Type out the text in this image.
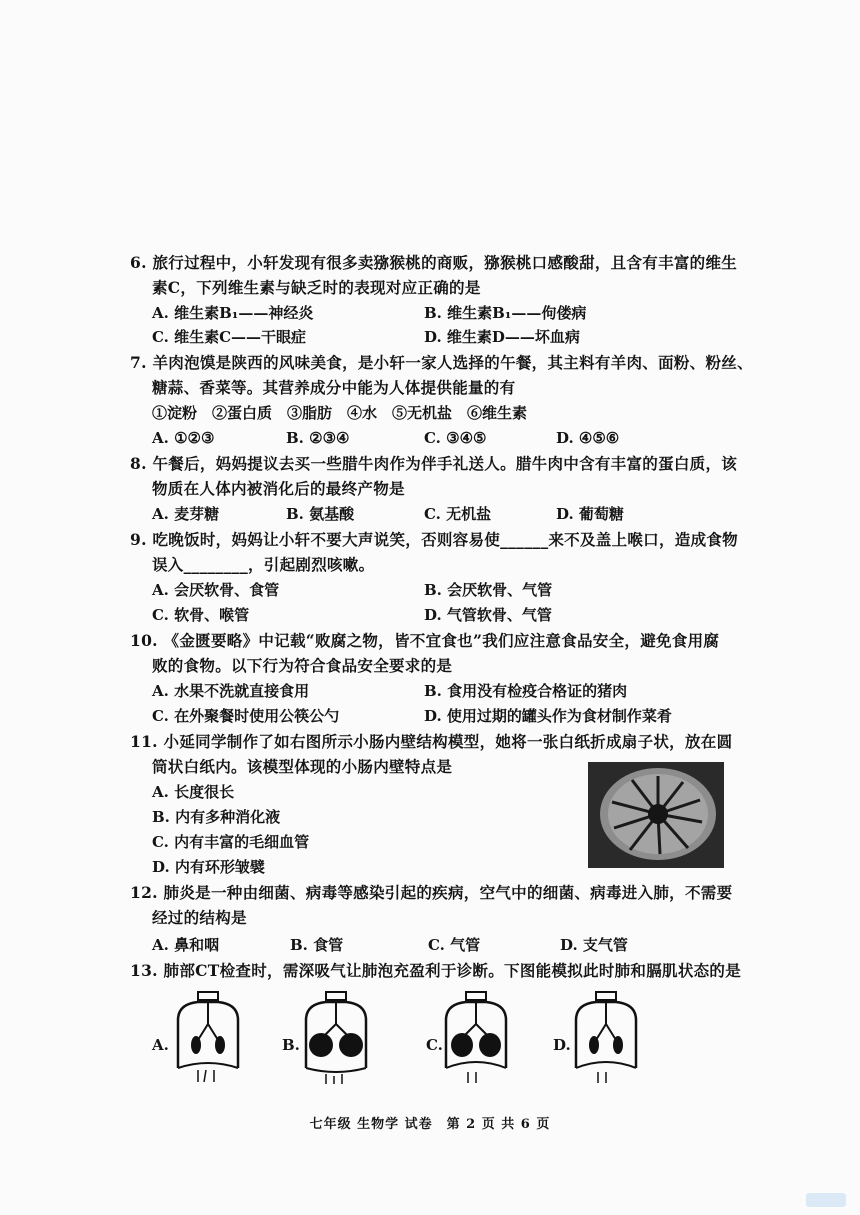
6. 旅行过程中，小轩发现有很多卖猕猴桃的商贩，猕猴桃口感酸甜，且含有丰富的维生
素C，下列维生素与缺乏时的表现对应正确的是
A. 维生素B₁——神经炎	B. 维生素B₁——佝偻病
C. 维生素C——干眼症	D. 维生素D——坏血病
7. 羊肉泡馍是陕西的风味美食，是小轩一家人选择的午餐，其主料有羊肉、面粉、粉丝、
糖蒜、香菜等。其营养成分中能为人体提供能量的有
①淀粉　②蛋白质　③脂肪　④水　⑤无机盐　⑥维生素
A. ①②③	B. ②③④	C. ③④⑤	D. ④⑤⑥
8. 午餐后，妈妈提议去买一些腊牛肉作为伴手礼送人。腊牛肉中含有丰富的蛋白质，该
物质在人体内被消化后的最终产物是
A. 麦芽糖	B. 氨基酸	C. 无机盐	D. 葡萄糖
9. 吃晚饭时，妈妈让小轩不要大声说笑，否则容易使______来不及盖上喉口，造成食物
误入________，引起剧烈咳嗽。
A. 会厌软骨、食管	B. 会厌软骨、气管
C. 软骨、喉管	D. 气管软骨、气管
10. 《金匮要略》中记载“败腐之物，皆不宜食也”我们应注意食品安全，避免食用腐
败的食物。以下行为符合食品安全要求的是
A. 水果不洗就直接食用	B. 食用没有检疫合格证的猪肉
C. 在外聚餐时使用公筷公勺	D. 使用过期的罐头作为食材制作菜肴
11. 小延同学制作了如右图所示小肠内壁结构模型，她将一张白纸折成扇子状，放在圆
筒状白纸内。该模型体现的小肠内壁特点是
A. 长度很长
B. 内有多种消化液
C. 内有丰富的毛细血管
D. 内有环形皱襞
12. 肺炎是一种由细菌、病毒等感染引起的疾病，空气中的细菌、病毒进入肺，不需要
经过的结构是
A. 鼻和咽	B. 食管	C. 气管	D. 支气管
13. 肺部CT检查时，需深吸气让肺泡充盈利于诊断。下图能模拟此时肺和膈肌状态的是
A.	B.	C.	D.
七年级 生物学 试卷　第 2 页 共 6 页
